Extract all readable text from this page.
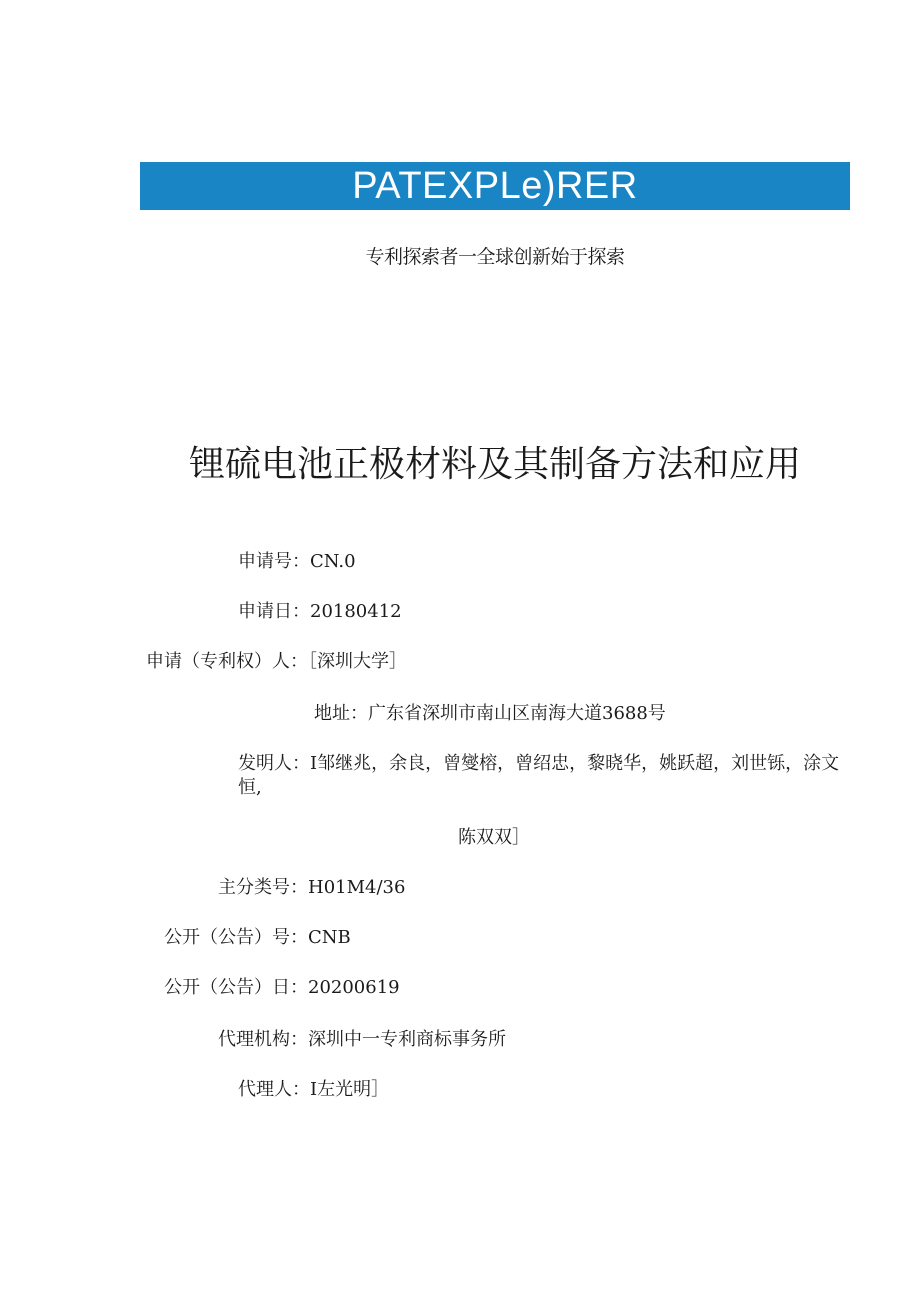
PATEXPLe)RER
专利探索者一全球创新始于探索
锂硫电池正极材料及其制备方法和应用
申请号：CN.0
申请日：20180412
申请（专利权）人：［深圳大学］
地址：广东省深圳市南山区南海大道3688号
发明人：I邹继兆，余良，曾燮榕，曾绍忠，黎晓华，姚跃超，刘世铄，涂文恒,
陈双双］
主分类号：H01M4/36
公开（公告）号：CNB
公开（公告）日：20200619
代理机构：深圳中一专利商标事务所
代理人：I左光明］
